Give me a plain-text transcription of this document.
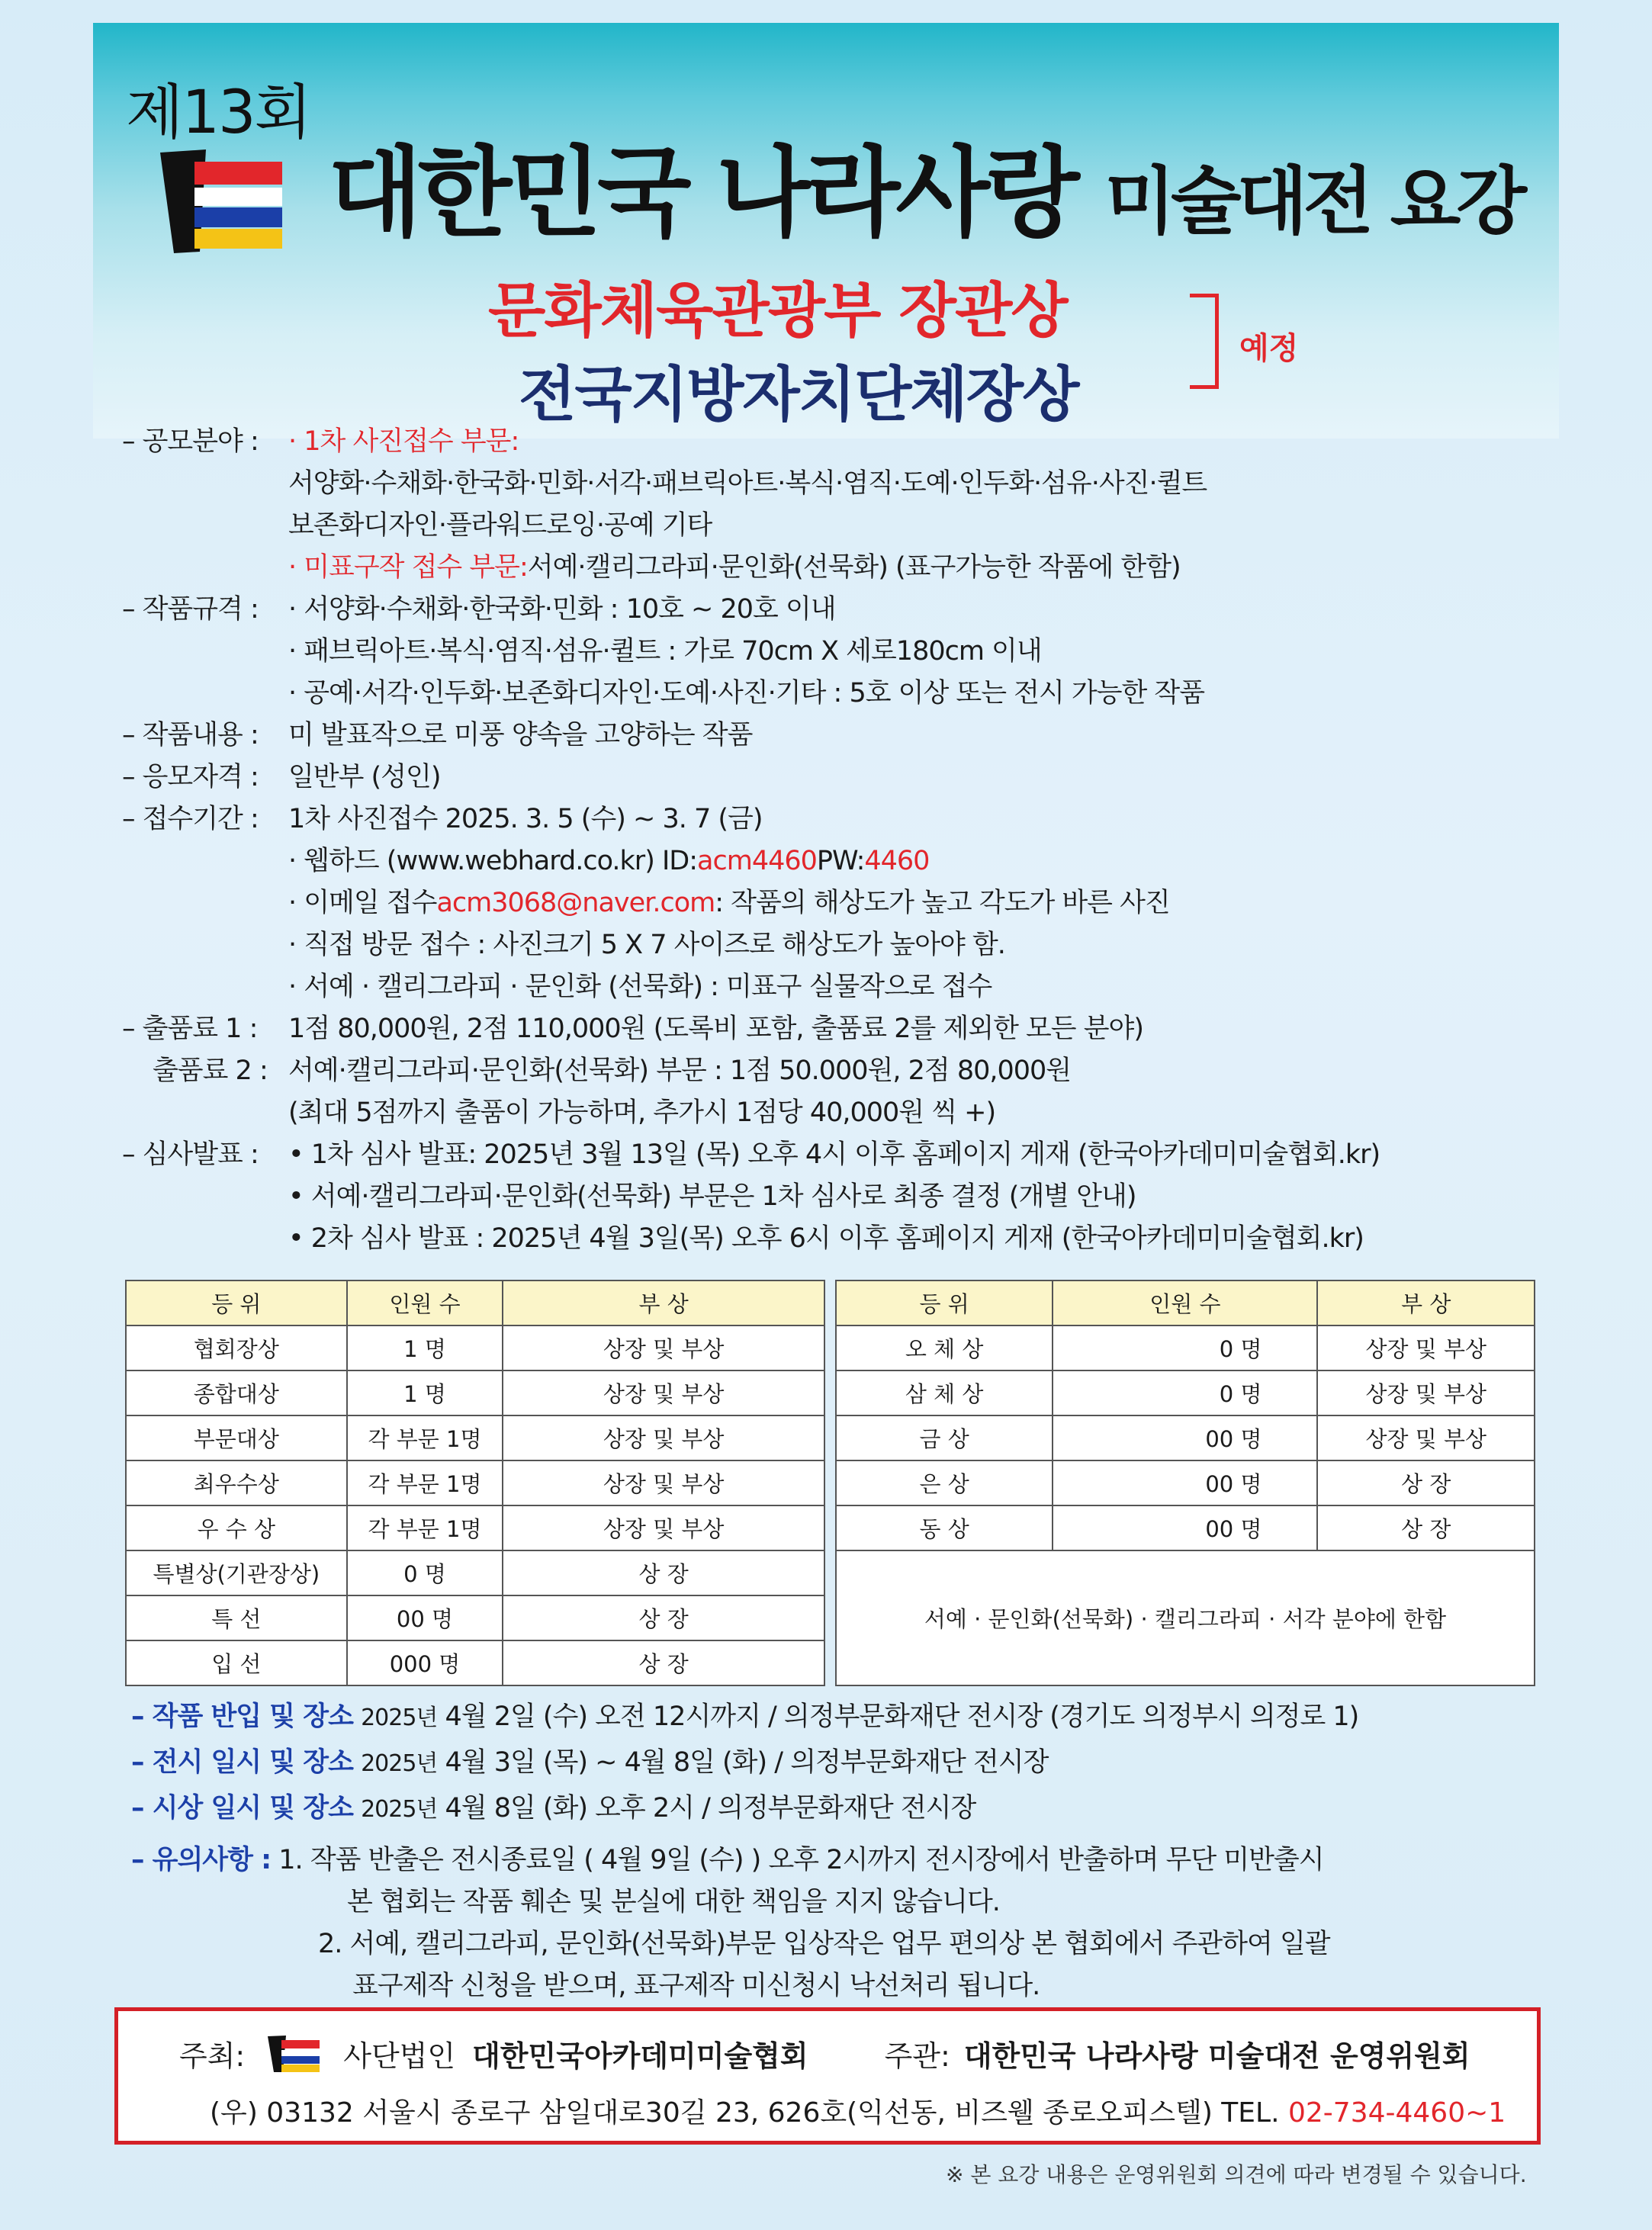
제13회
대한민국 나라사랑 미술대전 요강
문화체육관광부 장관상
전국지방자치단체장상
예정
– 공모분야 :	· 1차 사진접수 부문:
서양화·수채화·한국화·민화·서각·패브릭아트·복식·염직·도예·인두화·섬유·사진·퀼트
보존화디자인·플라워드로잉·공예 기타
· 미표구작 접수 부문: 서예·캘리그라피·문인화(선묵화) (표구가능한 작품에 한함)
– 작품규격 :	· 서양화·수채화·한국화·민화 : 10호 ~ 20호 이내
· 패브릭아트·복식·염직·섬유·퀼트 : 가로 70cm X 세로180cm 이내
· 공예·서각·인두화·보존화디자인·도예·사진·기타 : 5호 이상 또는 전시 가능한 작품
– 작품내용 :	미 발표작으로 미풍 양속을 고양하는 작품
– 응모자격 :	일반부 (성인)
– 접수기간 :	1차 사진접수 2025. 3. 5 (수) ~ 3. 7 (금)
· 웹하드 (www.webhard.co.kr) ID: acm4460 PW: 4460
· 이메일 접수 acm3068@naver.com : 작품의 해상도가 높고 각도가 바른 사진
· 직접 방문 접수 : 사진크기 5 X 7 사이즈로 해상도가 높아야 함.
· 서예 · 캘리그라피 · 문인화 (선묵화) : 미표구 실물작으로 접수
– 출품료 1 :	1점 80,000원, 2점 110,000원 (도록비 포함, 출품료 2를 제외한 모든 분야)
출품료 2 : 서예·캘리그라피·문인화(선묵화) 부문 : 1점 50.000원, 2점 80,000원
(최대 5점까지 출품이 가능하며, 추가시 1점당 40,000원 씩 +)
– 심사발표 :	• 1차 심사 발표: 2025년 3월 13일 (목) 오후 4시 이후 홈페이지 게재 (한국아카데미미술협회.kr)
• 서예·캘리그라피·문인화(선묵화) 부문은 1차 심사로 최종 결정 (개별 안내)
• 2차 심사 발표 : 2025년 4월 3일(목) 오후 6시 이후 홈페이지 게재 (한국아카데미미술협회.kr)
등 위	인원 수	부 상
협회장상	1 명	상장 및 부상
종합대상	1 명	상장 및 부상
부문대상	각 부문 1명	상장 및 부상
최우수상	각 부문 1명	상장 및 부상
우 수 상	각 부문 1명	상장 및 부상
특별상(기관장상)	0 명	상 장
특 선	00 명	상 장
입 선	000 명	상 장
등 위	인원 수	부 상
오 체 상	0 명	상장 및 부상
삼 체 상	0 명	상장 및 부상
금 상	00 명	상장 및 부상
은 상	00 명	상 장
동 상	00 명	상 장
서예 · 문인화(선묵화) · 캘리그라피 · 서각 분야에 한함		
– 작품 반입 및 장소 2025년 4월 2일 (수) 오전 12시까지 / 의정부문화재단 전시장 (경기도 의정부시 의정로 1)
– 전시 일시 및 장소 2025년 4월 3일 (목) ~ 4월 8일 (화) / 의정부문화재단 전시장
– 시상 일시 및 장소 2025년 4월 8일 (화) 오후 2시 / 의정부문화재단 전시장
– 유의사항 : 1. 작품 반출은 전시종료일 ( 4월 9일 (수) ) 오후 2시까지 전시장에서 반출하며 무단 미반출시
본 협회는 작품 훼손 및 분실에 대한 책임을 지지 않습니다.
2. 서예, 캘리그라피, 문인화(선묵화)부문 입상작은 업무 편의상 본 협회에서 주관하여 일괄
표구제작 신청을 받으며, 표구제작 미신청시 낙선처리 됩니다.
주최:	사단법인 대한민국아카데미미술협회	주관: 대한민국 나라사랑 미술대전 운영위원회
(우) 03132 서울시 종로구 삼일대로30길 23, 626호(익선동, 비즈웰 종로오피스텔) TEL. 02-734-4460~1
※ 본 요강 내용은 운영위원회 의견에 따라 변경될 수 있습니다.
